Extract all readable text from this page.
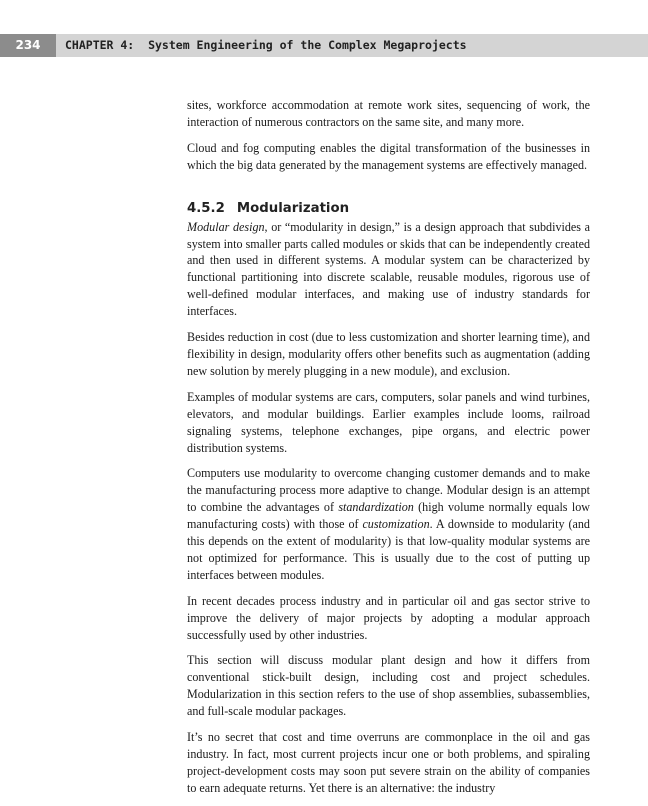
234	CHAPTER 4:  System Engineering of the Complex Megaprojects

sites, workforce accommodation at remote work sites, sequencing of work, the interaction of numerous contractors on the same site, and many more.

Cloud and fog computing enables the digital transformation of the businesses in which the big data generated by the management systems are effectively managed.

4.5.2 Modularization

Modular design, or “modularity in design,” is a design approach that subdivides a system into smaller parts called modules or skids that can be independently created and then used in different systems. A modular system can be characterized by functional partitioning into discrete scalable, reusable modules, rigorous use of well-defined modular interfaces, and making use of industry standards for interfaces.

Besides reduction in cost (due to less customization and shorter learning time), and flexibility in design, modularity offers other benefits such as augmentation (adding new solution by merely plugging in a new module), and exclusion.

Examples of modular systems are cars, computers, solar panels and wind turbines, elevators, and modular buildings. Earlier examples include looms, railroad signaling systems, telephone exchanges, pipe organs, and electric power distribution systems.

Computers use modularity to overcome changing customer demands and to make the manufacturing process more adaptive to change. Modular design is an attempt to combine the advantages of standardization (high volume normally equals low manufacturing costs) with those of customization. A downside to modularity (and this depends on the extent of modularity) is that low-quality modular systems are not optimized for performance. This is usually due to the cost of putting up interfaces between modules.

In recent decades process industry and in particular oil and gas sector strive to improve the delivery of major projects by adopting a modular approach successfully used by other industries.

This section will discuss modular plant design and how it differs from conventional stick-built design, including cost and project schedules. Modularization in this section refers to the use of shop assemblies, subassemblies, and full-scale modular packages.

It’s no secret that cost and time overruns are commonplace in the oil and gas industry. In fact, most current projects incur one or both problems, and spiraling project-development costs may soon put severe strain on the ability of companies to earn adequate returns. Yet there is an alternative: the industry
